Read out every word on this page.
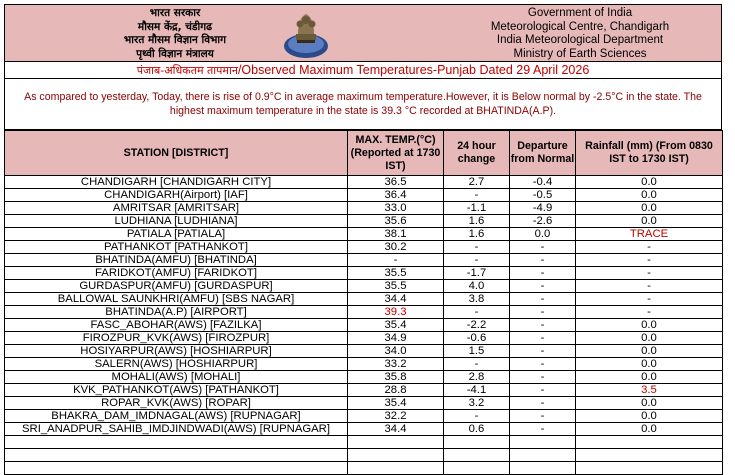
भारत सरकार
मौसम केंद्र, चंडीगढ
भारत मौसम विज्ञान विभाग
पृथ्वी विज्ञान मंत्रालय
Government of India
Meteorological Centre, Chandigarh
India Meteorological Department
Ministry of Earth Sciences
पंजाब-अधिकतम तापमान/Observed Maximum Temperatures-Punjab Dated 29 April 2026
As compared to yesterday, Today, there is rise of 0.9°C in average maximum temperature.However, it is Below normal by -2.5°C in the state. The highest maximum temperature in the state is 39.3 °C recorded at BHATINDA(A.P).
STATION [DISTRICT]	MAX. TEMP.(°C) (Reported at 1730 IST)	24 hour change	Departure from Normal	Rainfall (mm) (From 0830 IST to 1730 IST)
CHANDIGARH [CHANDIGARH CITY]	36.5	2.7	-0.4	0.0
CHANDIGARH(Airport) [IAF]	36.4	-	-0.5	0.0
AMRITSAR [AMRITSAR]	33.0	-1.1	-4.9	0.0
LUDHIANA [LUDHIANA]	35.6	1.6	-2.6	0.0
PATIALA [PATIALA]	38.1	1.6	0.0	TRACE
PATHANKOT [PATHANKOT]	30.2	-	-	-
BHATINDA(AMFU) [BHATINDA]	-	-	-	-
FARIDKOT(AMFU) [FARIDKOT]	35.5	-1.7	-	-
GURDASPUR(AMFU) [GURDASPUR]	35.5	4.0	-	-
BALLOWAL SAUNKHRI(AMFU) [SBS NAGAR]	34.4	3.8	-	-
BHATINDA(A.P) [AIRPORT]	39.3	-	-	-
FASC_ABOHAR(AWS) [FAZILKA]	35.4	-2.2	-	0.0
FIROZPUR_KVK(AWS) [FIROZPUR]	34.9	-0.6	-	0.0
HOSIYARPUR(AWS) [HOSHIARPUR]	34.0	1.5	-	0.0
SALERN(AWS) [HOSHIARPUR]	33.2	-	-	0.0
MOHALI(AWS) [MOHALI]	35.8	2.8	-	0.0
KVK_PATHANKOT(AWS) [PATHANKOT]	28.8	-4.1	-	3.5
ROPAR_KVK(AWS) [ROPAR]	35.4	3.2	-	0.0
BHAKRA_DAM_IMDNAGAL(AWS) [RUPNAGAR]	32.2	-	-	0.0
SRI_ANADPUR_SAHIB_IMDJINDWADI(AWS) [RUPNAGAR]	34.4	0.6	-	0.0
